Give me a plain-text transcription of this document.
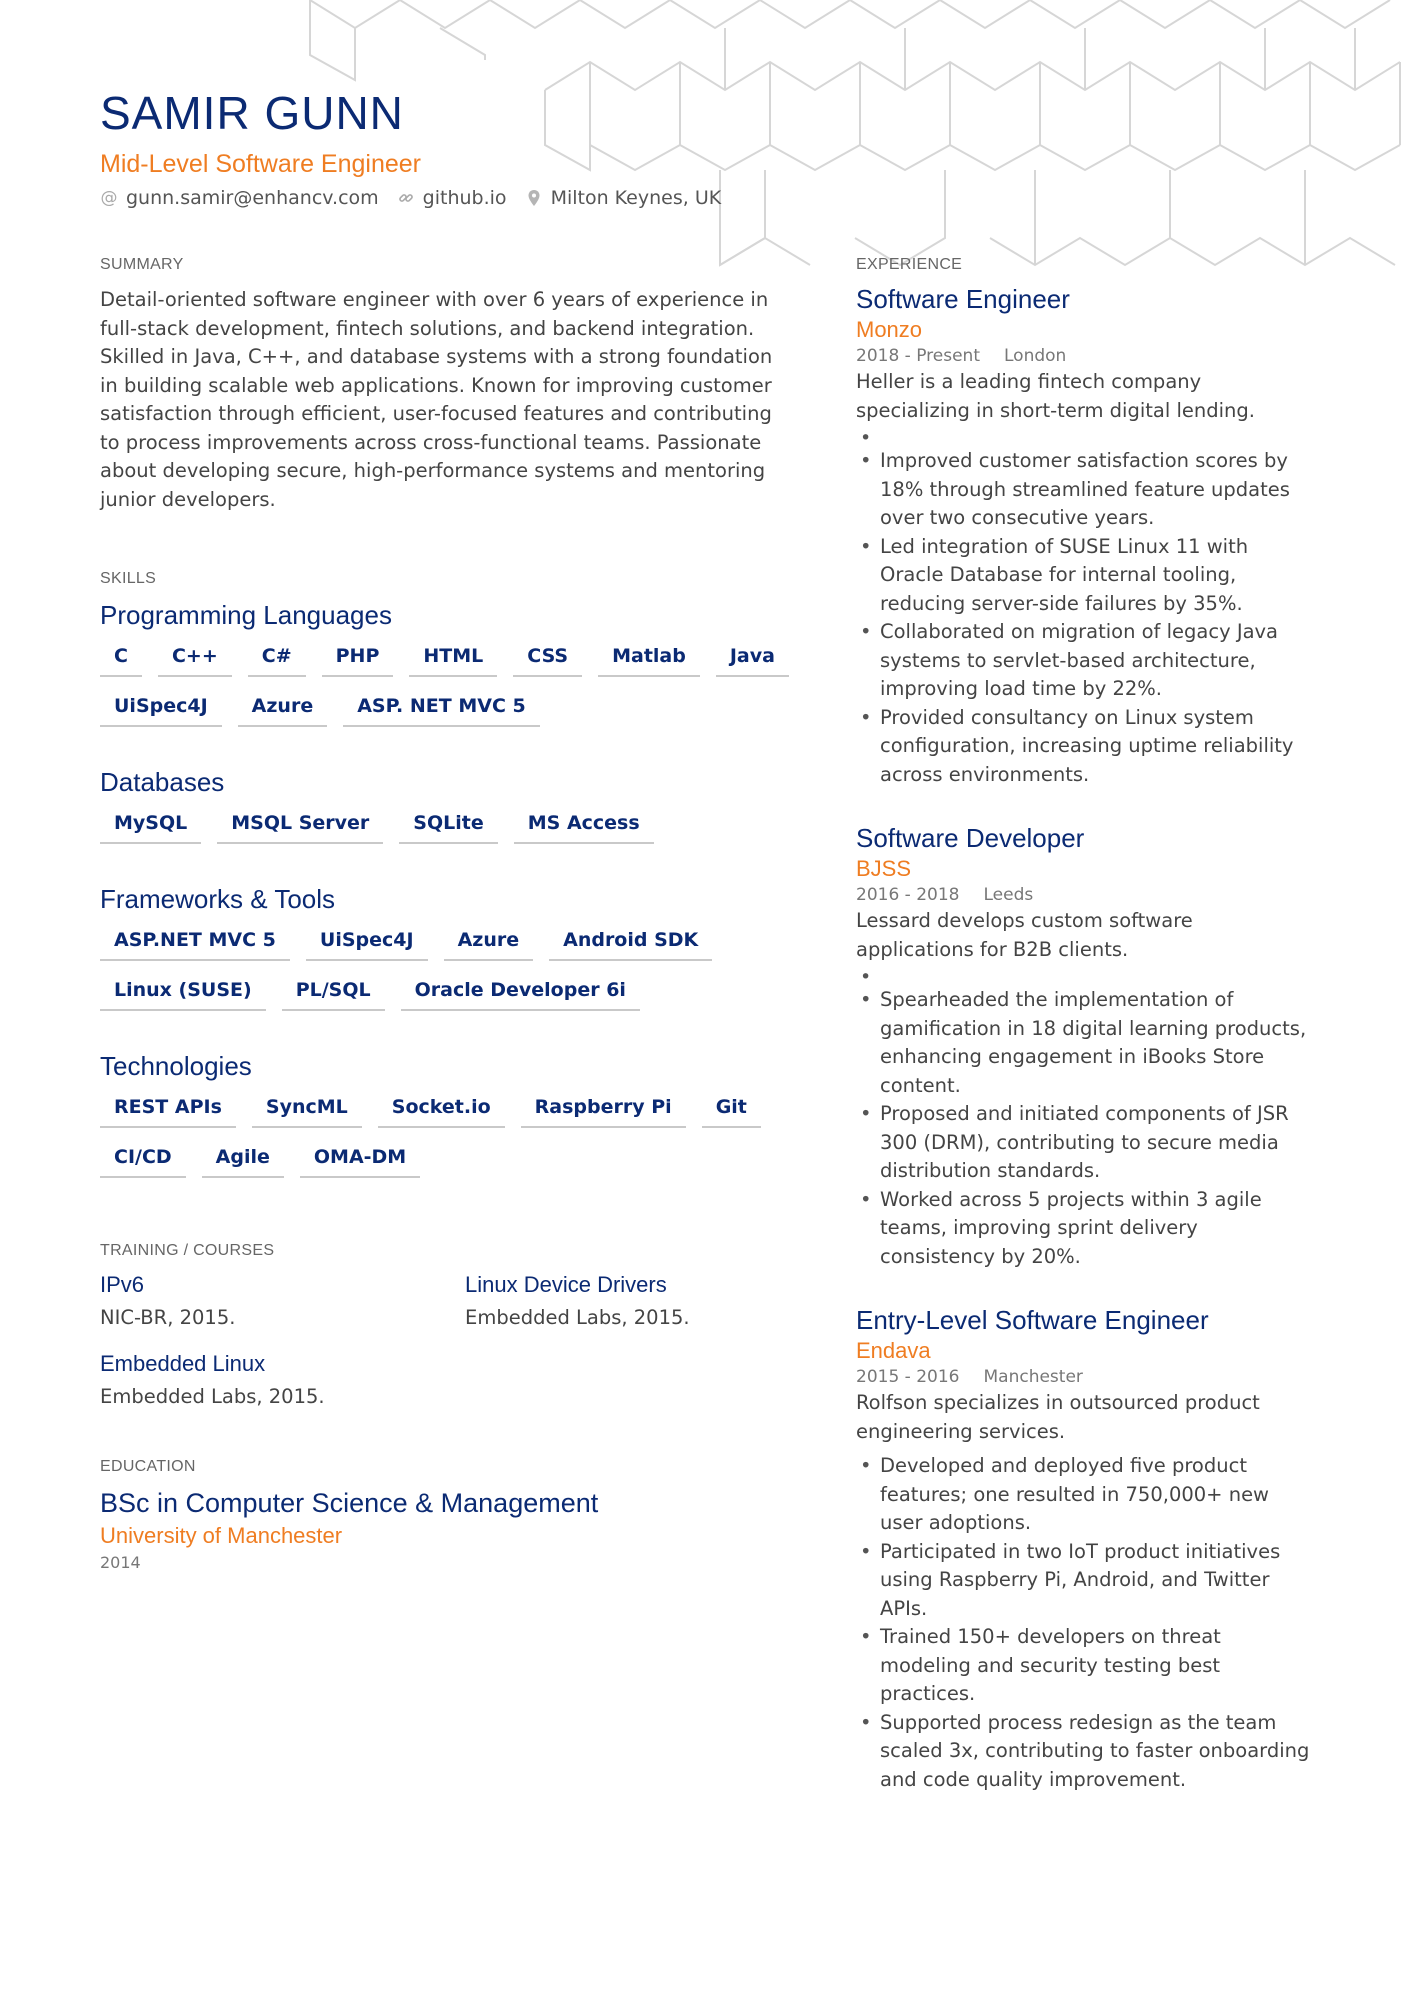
SAMIR GUNN
Mid-Level Software Engineer
@ gunn.samir@enhancv.com github.io Milton Keynes, UK
SUMMARY

Detail-oriented software engineer with over 6 years of experience in full-stack development, fintech solutions, and backend integration. Skilled in Java, C++, and database systems with a strong foundation in building scalable web applications. Known for improving customer satisfaction through efficient, user-focused features and contributing to process improvements across cross-functional teams. Passionate about developing secure, high-performance systems and mentoring junior developers.

SKILLS
Programming Languages
C	C++	C#	PHP	HTML	CSS	Matlab	Java
UiSpec4J	Azure	ASP. NET MVC 5
Databases
MySQL	MSQL Server	SQLite	MS Access
Frameworks & Tools
ASP.NET MVC 5	UiSpec4J	Azure	Android SDK
Linux (SUSE)	PL/SQL	Oracle Developer 6i
Technologies
REST APIs	SyncML	Socket.io	Raspberry Pi	Git
CI/CD	Agile	OMA-DM
TRAINING / COURSES
IPv6
NIC-BR, 2015.
Linux Device Drivers
Embedded Labs, 2015.
Embedded Linux
Embedded Labs, 2015.
EDUCATION
BSc in Computer Science & Management
University of Manchester
2014
EXPERIENCE
Software Engineer
Monzo
2018 - Present London
Heller is a leading fintech company specializing in short-term digital lending.
•
• Improved customer satisfaction scores by 18% through streamlined feature updates over two consecutive years.
• Led integration of SUSE Linux 11 with Oracle Database for internal tooling, reducing server-side failures by 35%.
• Collaborated on migration of legacy Java systems to servlet-based architecture, improving load time by 22%.
• Provided consultancy on Linux system configuration, increasing uptime reliability across environments.
Software Developer
BJSS
2016 - 2018 Leeds
Lessard develops custom software applications for B2B clients.
•
• Spearheaded the implementation of gamification in 18 digital learning products, enhancing engagement in iBooks Store content.
• Proposed and initiated components of JSR 300 (DRM), contributing to secure media distribution standards.
• Worked across 5 projects within 3 agile teams, improving sprint delivery consistency by 20%.
Entry-Level Software Engineer
Endava
2015 - 2016 Manchester
Rolfson specializes in outsourced product engineering services.
• Developed and deployed five product features; one resulted in 750,000+ new user adoptions.
• Participated in two IoT product initiatives using Raspberry Pi, Android, and Twitter APIs.
• Trained 150+ developers on threat modeling and security testing best practices.
• Supported process redesign as the team scaled 3x, contributing to faster onboarding and code quality improvement.
